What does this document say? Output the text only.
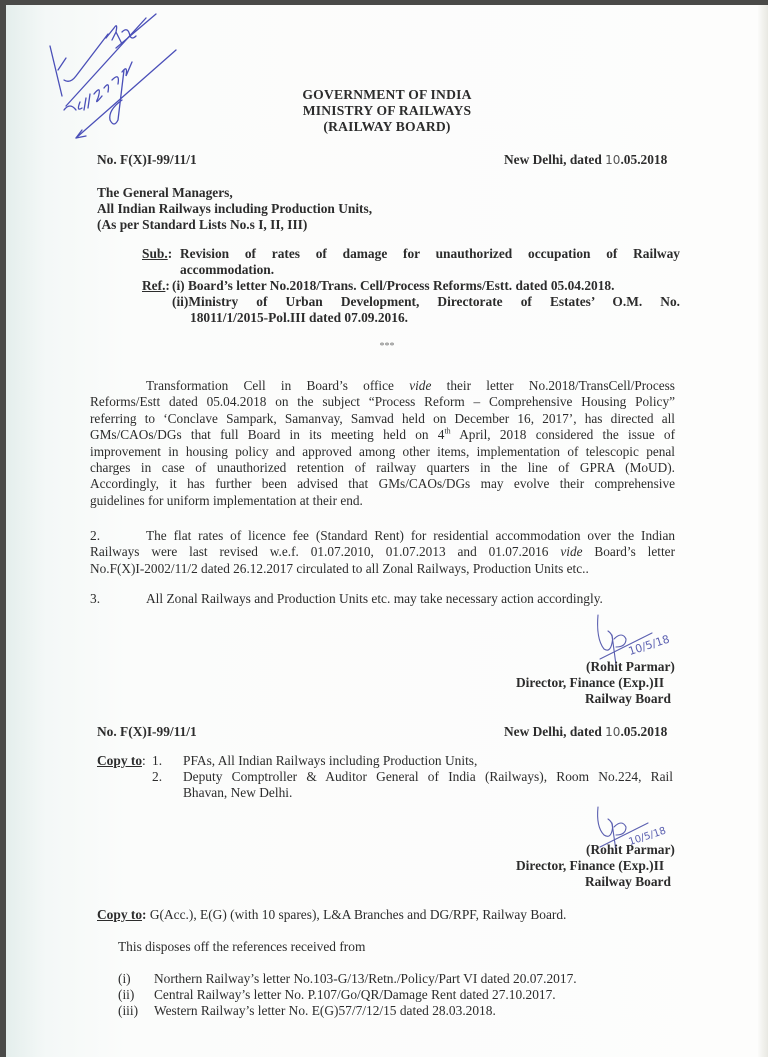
GOVERNMENT OF INDIA
MINISTRY OF RAILWAYS
(RAILWAY BOARD)
No. F(X)I-99/11/1	New Delhi, dated 10.05.2018
The General Managers,
All Indian Railways including Production Units,
(As per Standard Lists No.s I, II, III)
Sub.: Revision of rates of damage for unauthorized occupation of Railway
accommodation.
Ref.: (i) Board’s letter No.2018/Trans. Cell/Process Reforms/Estt. dated 05.04.2018.
(ii)Ministry of Urban Development, Directorate of Estates’ O.M. No.
18011/1/2015-Pol.III dated 07.09.2016.
***
Transformation Cell in Board’s office vide their letter No.2018/TransCell/Process
Reforms/Estt dated 05.04.2018 on the subject “Process Reform – Comprehensive Housing Policy”
referring to ‘Conclave Sampark, Samanvay, Samvad held on December 16, 2017’, has directed all
GMs/CAOs/DGs that full Board in its meeting held on 4th April, 2018 considered the issue of
improvement in housing policy and approved among other items, implementation of telescopic penal
charges in case of unauthorized retention of railway quarters in the line of GPRA (MoUD).
Accordingly, it has further been advised that GMs/CAOs/DGs may evolve their comprehensive
guidelines for uniform implementation at their end.
2.	The flat rates of licence fee (Standard Rent) for residential accommodation over the Indian
Railways were last revised w.e.f. 01.07.2010, 01.07.2013 and 01.07.2016 vide Board’s letter
No.F(X)I-2002/11/2 dated 26.12.2017 circulated to all Zonal Railways, Production Units etc..
3.	All Zonal Railways and Production Units etc. may take necessary action accordingly.
10/5/18
(Rohit Parmar)
Director, Finance (Exp.)II
Railway Board
No. F(X)I-99/11/1	New Delhi, dated 10.05.2018
Copy to: 1. PFAs, All Indian Railways including Production Units,
2. Deputy Comptroller & Auditor General of India (Railways), Room No.224, Rail
Bhavan, New Delhi.
10/5/18
(Rohit Parmar)
Director, Finance (Exp.)II
Railway Board
Copy to: G(Acc.), E(G) (with 10 spares), L&A Branches and DG/RPF, Railway Board.
This disposes off the references received from
(i) Northern Railway’s letter No.103-G/13/Retn./Policy/Part VI dated 20.07.2017.
(ii) Central Railway’s letter No. P.107/Go/QR/Damage Rent dated 27.10.2017.
(iii) Western Railway’s letter No. E(G)57/7/12/15 dated 28.03.2018.
